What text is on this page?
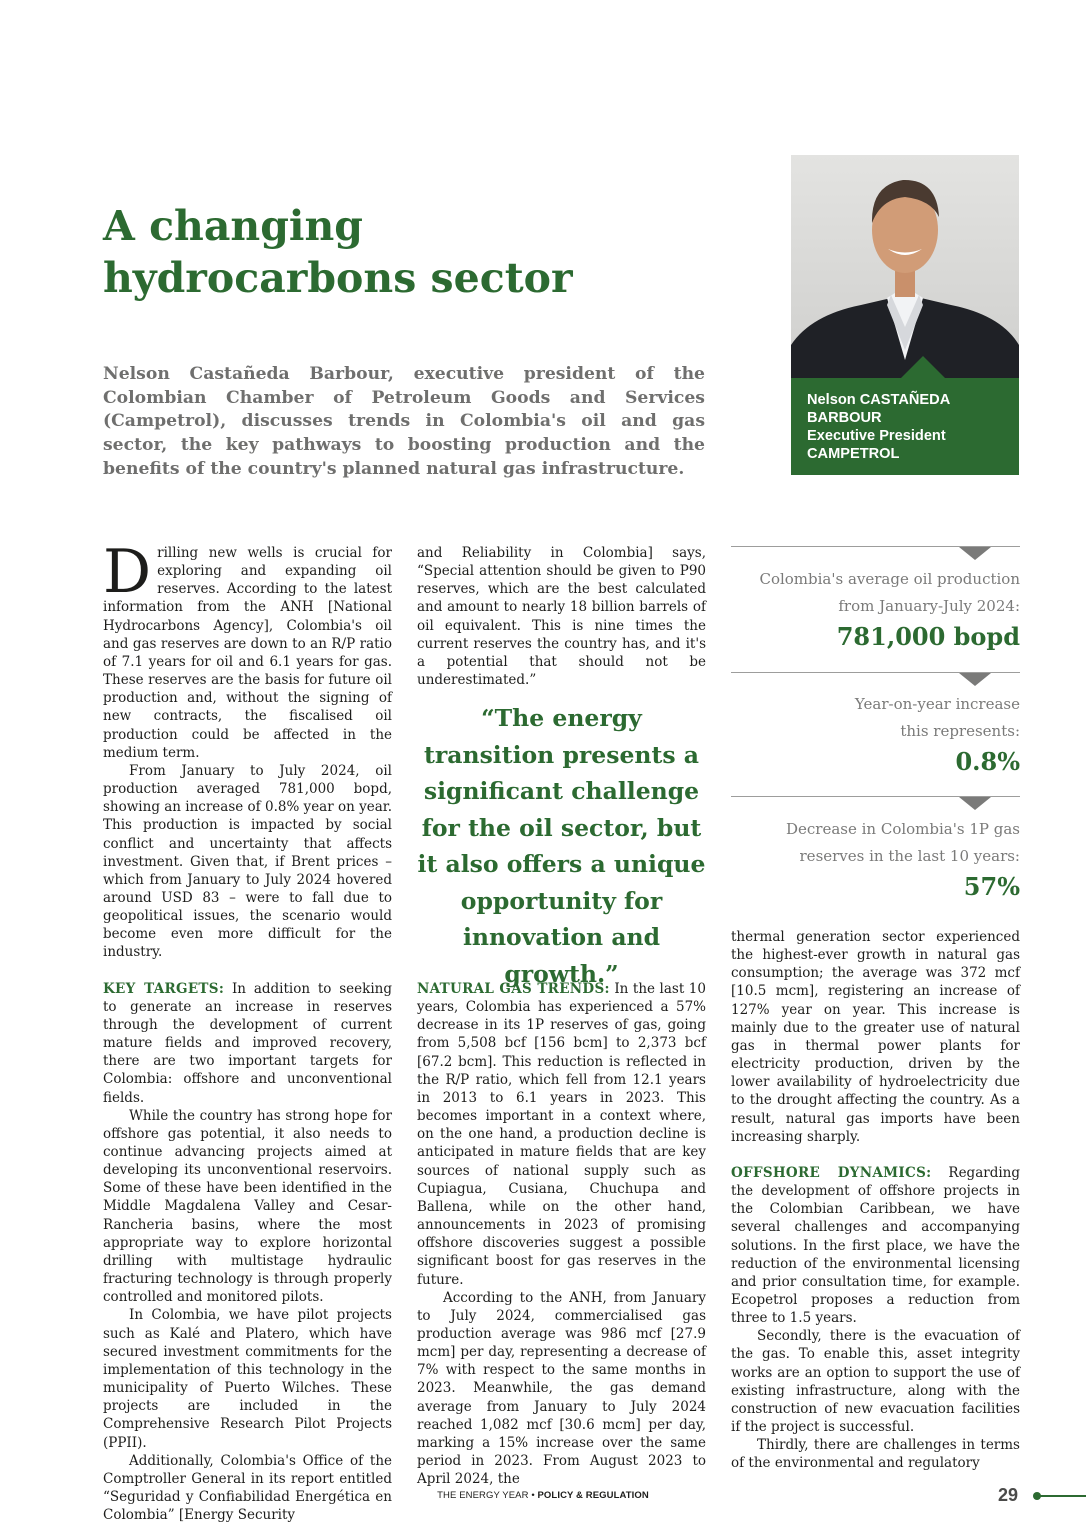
A changing hydrocarbons sector

Nelson Castañeda Barbour, executive president of the Colombian Chamber of Petroleum Goods and Services (Campetrol), discusses trends in Colombia's oil and gas sector, the key pathways to boosting production and the benefits of the country's planned natural gas infrastructure.

Nelson CASTAÑEDA
BARBOUR
Executive President
CAMPETROL

Drilling new wells is crucial for exploring and expanding oil reserves. According to the latest information from the ANH [National Hydrocarbons Agency], Colombia's oil and gas reserves are down to an R/P ratio of 7.1 years for oil and 6.1 years for gas. These reserves are the basis for future oil production and, without the signing of new contracts, the fiscalised oil production could be affected in the medium term.

From January to July 2024, oil production averaged 781,000 bopd, showing an increase of 0.8% year on year. This production is impacted by social conflict and uncertainty that affects investment. Given that, if Brent prices – which from January to July 2024 hovered around USD 83 – were to fall due to geopolitical issues, the scenario would become even more difficult for the industry.

KEY TARGETS: In addition to seeking to generate an increase in reserves through the development of current mature fields and improved recovery, there are two important targets for Colombia: offshore and unconventional fields.

While the country has strong hope for offshore gas potential, it also needs to continue advancing projects aimed at developing its unconventional reservoirs. Some of these have been identified in the Middle Magdalena Valley and Cesar-Rancheria basins, where the most appropriate way to explore horizontal drilling with multistage hydraulic fracturing technology is through properly controlled and monitored pilots.

In Colombia, we have pilot projects such as Kalé and Platero, which have secured investment commitments for the implementation of this technology in the municipality of Puerto Wilches. These projects are included in the Comprehensive Research Pilot Projects (PPII).

Additionally, Colombia's Office of the Comptroller General in its report entitled “Seguridad y Confiabilidad Energética en Colombia” [Energy Security

and Reliability in Colombia] says, “Special attention should be given to P90 reserves, which are the best calculated and amount to nearly 18 billion barrels of oil equivalent. This is nine times the current reserves the country has, and it's a potential that should not be underestimated.”

“The energy transition presents a significant challenge for the oil sector, but it also offers a unique opportunity for innovation and growth.”

NATURAL GAS TRENDS: In the last 10 years, Colombia has experienced a 57% decrease in its 1P reserves of gas, going from 5,508 bcf [156 bcm] to 2,373 bcf [67.2 bcm]. This reduction is reflected in the R/P ratio, which fell from 12.1 years in 2013 to 6.1 years in 2023. This becomes important in a context where, on the one hand, a production decline is anticipated in mature fields that are key sources of national supply such as Cupiagua, Cusiana, Chuchupa and Ballena, while on the other hand, announcements in 2023 of promising offshore discoveries suggest a possible significant boost for gas reserves in the future.

According to the ANH, from January to July 2024, commercialised gas production average was 986 mcf [27.9 mcm] per day, representing a decrease of 7% with respect to the same months in 2023. Meanwhile, the gas demand average from January to July 2024 reached 1,082 mcf [30.6 mcm] per day, marking a 15% increase over the same period in 2023. From August 2023 to April 2024, the

Colombia's average oil production
from January-July 2024:
781,000 bopd
Year-on-year increase
this represents:
0.8%
Decrease in Colombia's 1P gas
reserves in the last 10 years:
57%

thermal generation sector experienced the highest-ever growth in natural gas consumption; the average was 372 mcf [10.5 mcm], registering an increase of 127% year on year. This increase is mainly due to the greater use of natural gas in thermal power plants for electricity production, driven by the lower availability of hydroelectricity due to the drought affecting the country. As a result, natural gas imports have been increasing sharply.

OFFSHORE DYNAMICS: Regarding the development of offshore projects in the Colombian Caribbean, we have several challenges and accompanying solutions. In the first place, we have the reduction of the environmental licensing and prior consultation time, for example. Ecopetrol proposes a reduction from three to 1.5 years.

Secondly, there is the evacuation of the gas. To enable this, asset integrity works are an option to support the use of existing infrastructure, along with the construction of new evacuation facilities if the project is successful.

Thirdly, there are challenges in terms of the environmental and regulatory

THE ENERGY YEAR • POLICY & REGULATION	29
